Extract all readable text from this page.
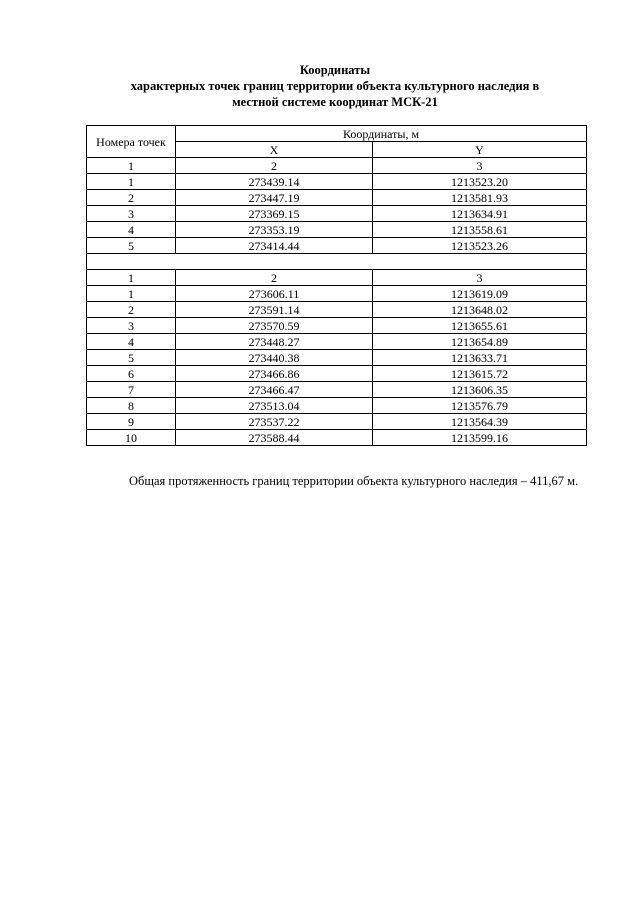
Координаты
характерных точек границ территории объекта культурного наследия в
местной системе координат МСК-21
Номера точек	Координаты, м	
	X	Y
1	2	3
1	273439.14	1213523.20
2	273447.19	1213581.93
3	273369.15	1213634.91
4	273353.19	1213558.61
5	273414.44	1213523.26

1	2	3
1	273606.11	1213619.09
2	273591.14	1213648.02
3	273570.59	1213655.61
4	273448.27	1213654.89
5	273440.38	1213633.71
6	273466.86	1213615.72
7	273466.47	1213606.35
8	273513.04	1213576.79
9	273537.22	1213564.39
10	273588.44	1213599.16
Общая протяженность границ территории объекта культурного наследия – 411,67 м.
